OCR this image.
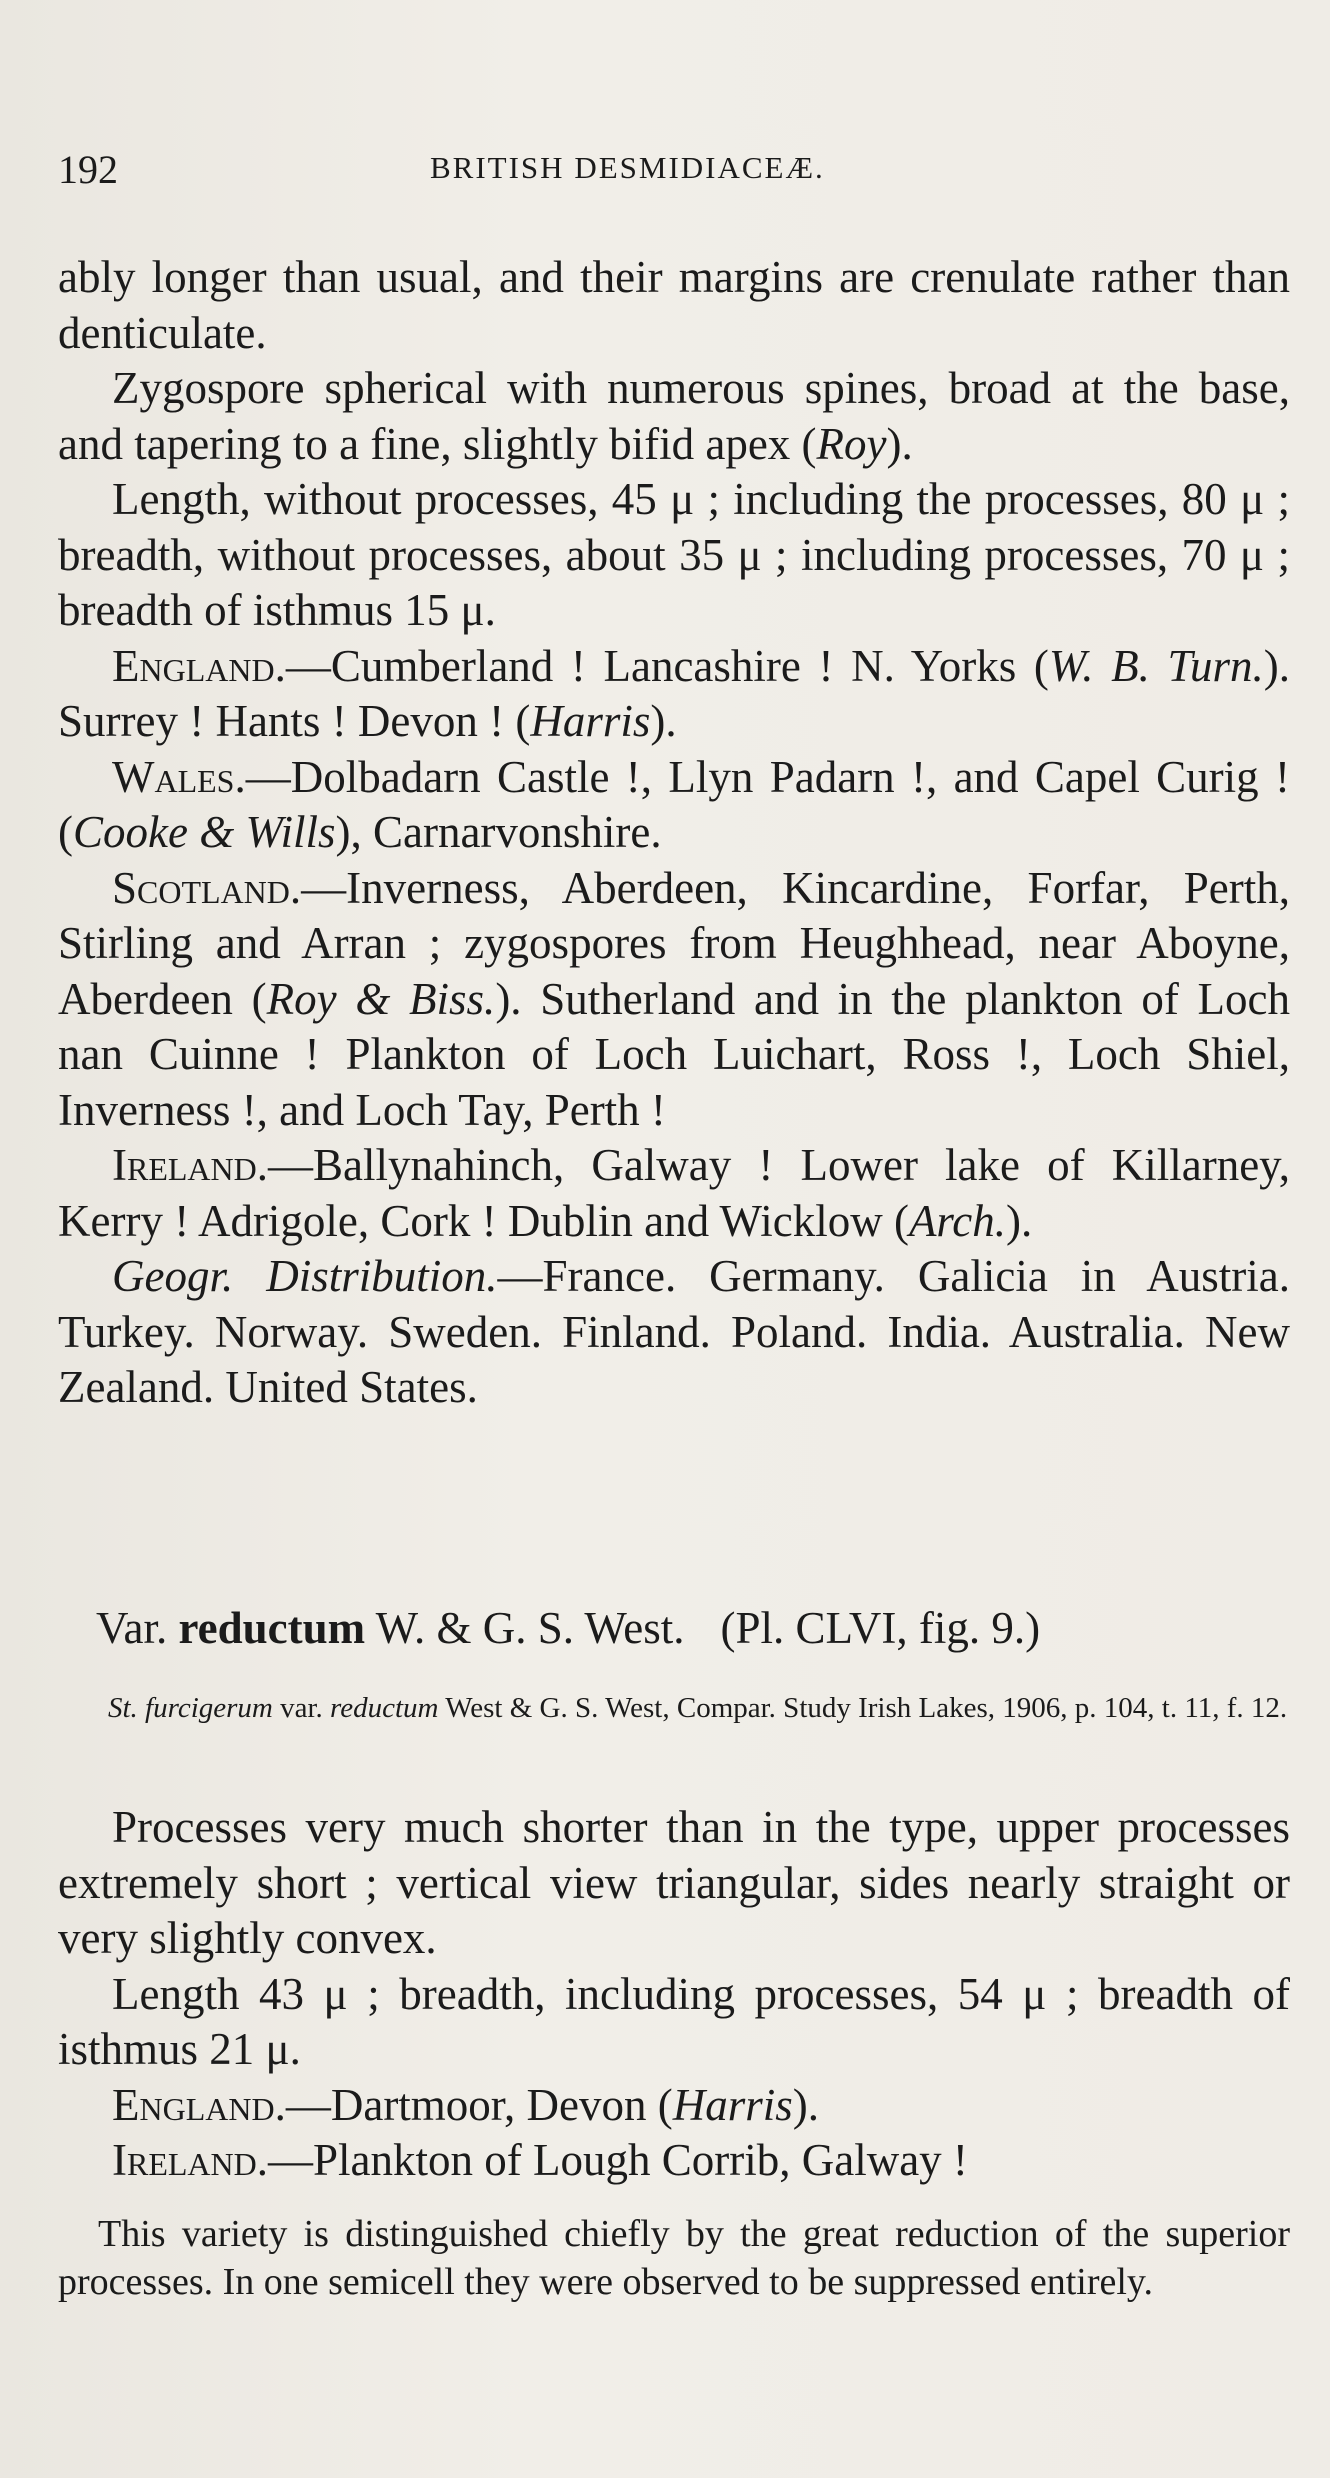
192	BRITISH DESMIDIACEÆ.

ably longer than usual, and their margins are crenulate rather than denticulate.

Zygospore spherical with numerous spines, broad at the base, and tapering to a fine, slightly bifid apex (Roy).

Length, without processes, 45 μ ; including the processes, 80 μ ; breadth, without processes, about 35 μ ; including processes, 70 μ ; breadth of isthmus 15 μ.

England.—Cumberland ! Lancashire ! N. Yorks (W. B. Turn.). Surrey ! Hants ! Devon ! (Harris).

Wales.—Dolbadarn Castle !, Llyn Padarn !, and Capel Curig ! (Cooke & Wills), Carnarvonshire.

Scotland.—Inverness, Aberdeen, Kincardine, Forfar, Perth, Stirling and Arran ; zygospores from Heughhead, near Aboyne, Aberdeen (Roy & Biss.). Sutherland and in the plankton of Loch nan Cuinne ! Plankton of Loch Luichart, Ross !, Loch Shiel, Inverness !, and Loch Tay, Perth !

Ireland.—Ballynahinch, Galway ! Lower lake of Killarney, Kerry ! Adrigole, Cork ! Dublin and Wicklow (Arch.).

Geogr. Distribution.—France. Germany. Galicia in Austria. Turkey. Norway. Sweden. Finland. Poland. India. Australia. New Zealand. United States.

Var. reductum W. & G. S. West. (Pl. CLVI, fig. 9.)

St. furcigerum var. reductum West & G. S. West, Compar. Study Irish Lakes, 1906, p. 104, t. 11, f. 12.

Processes very much shorter than in the type, upper processes extremely short ; vertical view triangular, sides nearly straight or very slightly convex.

Length 43 μ ; breadth, including processes, 54 μ ; breadth of isthmus 21 μ.

England.—Dartmoor, Devon (Harris).

Ireland.—Plankton of Lough Corrib, Galway !

This variety is distinguished chiefly by the great reduction of the superior processes. In one semicell they were observed to be suppressed entirely.
